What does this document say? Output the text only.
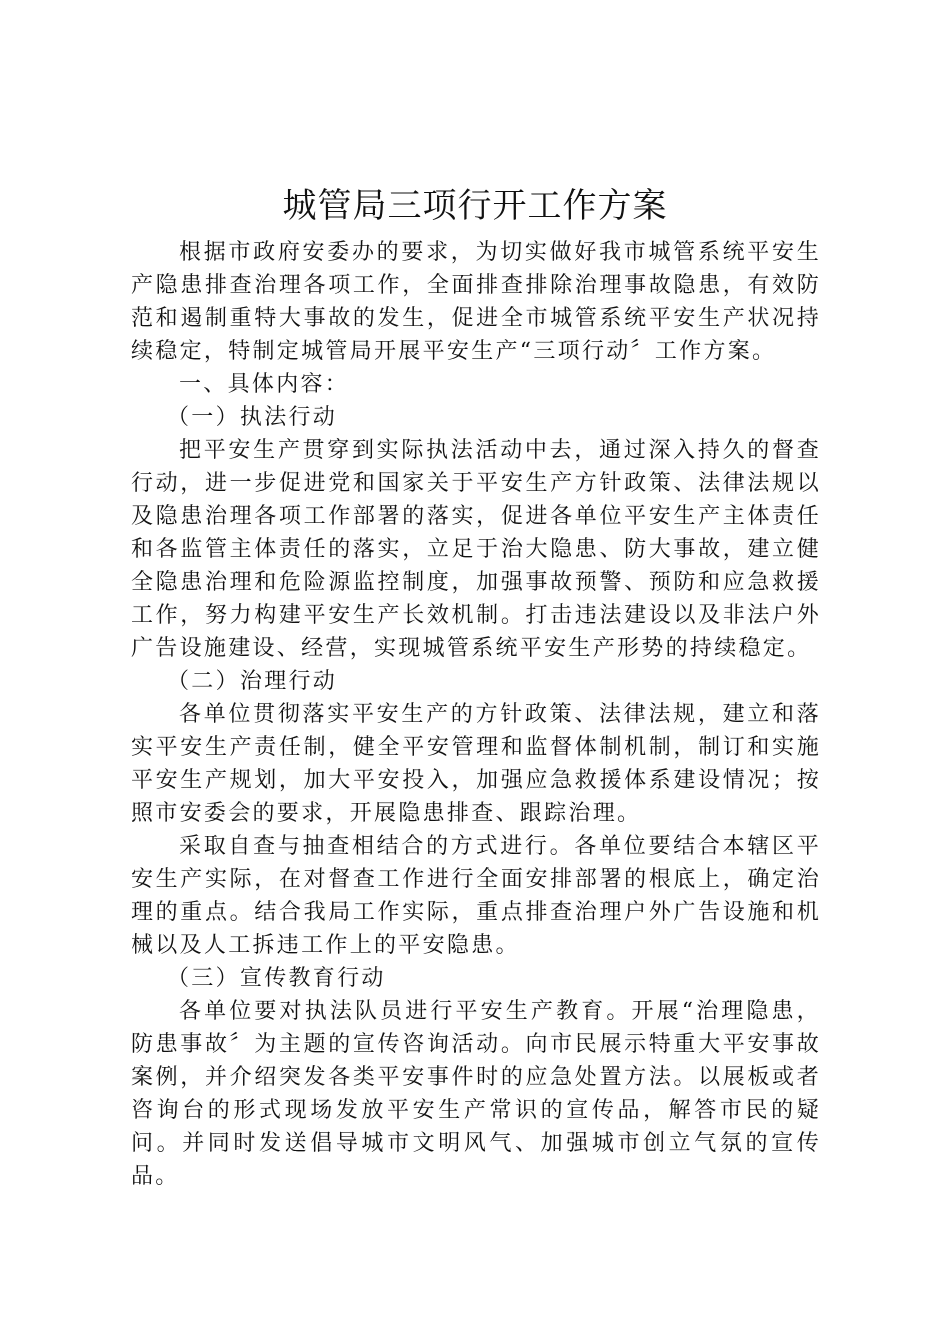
城管局三项行开工作方案

根据市政府安委办的要求，为切实做好我市城管系统平安生产隐患排查治理各项工作，全面排查排除治理事故隐患，有效防范和遏制重特大事故的发生，促进全市城管系统平安生产状况持续稳定，特制定城管局开展平安生产“三项行动〞工作方案。

一、具体内容：

（一）执法行动

把平安生产贯穿到实际执法活动中去，通过深入持久的督查行动，进一步促进党和国家关于平安生产方针政策、法律法规以及隐患治理各项工作部署的落实，促进各单位平安生产主体责任和各监管主体责任的落实，立足于治大隐患、防大事故，建立健全隐患治理和危险源监控制度，加强事故预警、预防和应急救援工作，努力构建平安生产长效机制。打击违法建设以及非法户外广告设施建设、经营，实现城管系统平安生产形势的持续稳定。

（二）治理行动

各单位贯彻落实平安生产的方针政策、法律法规，建立和落实平安生产责任制，健全平安管理和监督体制机制，制订和实施平安生产规划，加大平安投入，加强应急救援体系建设情况；按照市安委会的要求，开展隐患排查、跟踪治理。

采取自查与抽查相结合的方式进行。各单位要结合本辖区平安生产实际，在对督查工作进行全面安排部署的根底上，确定治理的重点。结合我局工作实际，重点排查治理户外广告设施和机械以及人工拆违工作上的平安隐患。

（三）宣传教育行动

各单位要对执法队员进行平安生产教育。开展“治理隐患，防患事故〞为主题的宣传咨询活动。向市民展示特重大平安事故案例，并介绍突发各类平安事件时的应急处置方法。以展板或者咨询台的形式现场发放平安生产常识的宣传品，解答市民的疑问。并同时发送倡导城市文明风气、加强城市创立气氛的宣传品。
